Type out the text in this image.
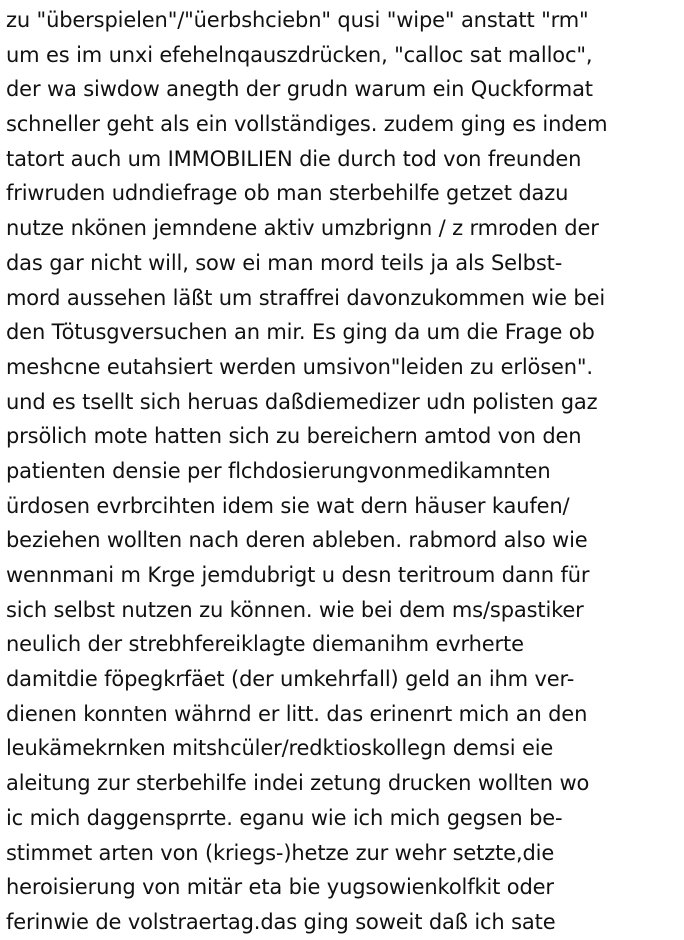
zu "überspielen"/"üerbshciebn" qusi "wipe" anstatt "rm"
um es im unxi efehelnqauszdrücken, "calloc sat malloc",
der wa siwdow anegth der grudn warum ein Quckformat
schneller geht als ein vollständiges. zudem ging es indem
tatort auch um IMMOBILIEN die durch tod von freunden
friwruden udndiefrage ob man sterbehilfe getzet dazu
nutze nkönen jemndene aktiv umzbrignn / z rmroden der
das gar nicht will, sow ei man mord teils ja als Selbst-
mord aussehen läßt um straffrei davonzukommen wie bei
den Tötusgversuchen an mir. Es ging da um die Frage ob
meshcne eutahsiert werden umsivon"leiden zu erlösen".
und es tsellt sich heruas daßdiemedizer udn polisten gaz
prsölich mote hatten sich zu bereichern amtod von den
patienten densie per flchdosierungvonmedikamnten
ürdosen evrbrcihten idem sie wat dern häuser kaufen/
beziehen wollten nach deren ableben. rabmord also wie
wennmani m Krge jemdubrigt u desn teritroum dann für
sich selbst nutzen zu können. wie bei dem ms/spastiker
neulich der strebhfereiklagte diemanihm evrherte
damitdie föpegkrfäet (der umkehrfall) geld an ihm ver-
dienen konnten währnd er litt. das erinenrt mich an den
leukämekrnken mitshcüler/redktioskollegn demsi eie
aleitung zur sterbehilfe indei zetung drucken wollten wo
ic mich daggensprrte. eganu wie ich mich gegsen be-
stimmet arten von (kriegs-)hetze zur wehr setzte,die
heroisierung von mitär eta bie yugsowienkolfkit oder
ferinwie de volstraertag.das ging soweit daß ich sate
